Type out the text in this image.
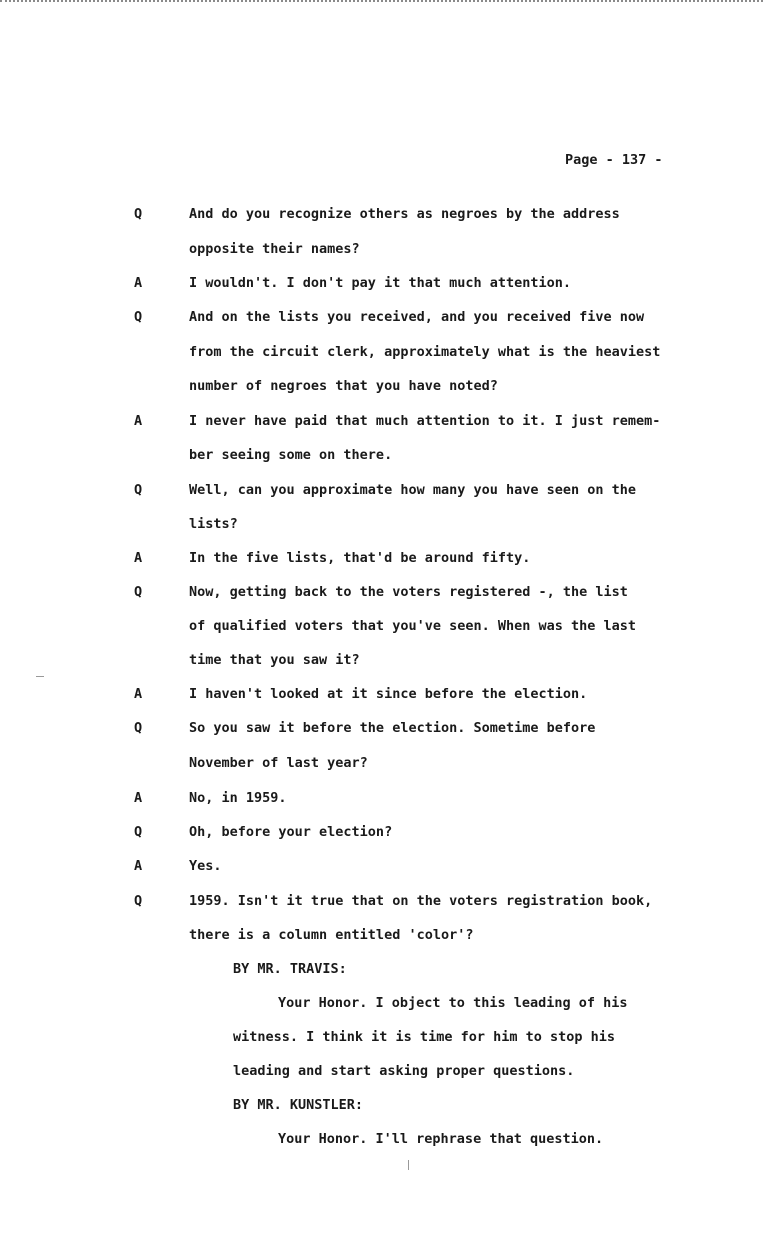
Page - 137 -
Q	And do you recognize others as negroes by the address
opposite their names?
A	I wouldn't. I don't pay it that much attention.
Q	And on the lists you received, and you received five now
from the circuit clerk, approximately what is the heaviest
number of negroes that you have noted?
A	I never have paid that much attention to it. I just remem-
ber seeing some on there.
Q	Well, can you approximate how many you have seen on the
lists?
A	In the five lists, that'd be around fifty.
Q	Now, getting back to the voters registered -, the list
of qualified voters that you've seen. When was the last
time that you saw it?
A	I haven't looked at it since before the election.
Q	So you saw it before the election. Sometime before
November of last year?
A	No, in 1959.
Q	Oh, before your election?
A	Yes.
Q	1959. Isn't it true that on the voters registration book,
there is a column entitled 'color'?
BY MR. TRAVIS:
Your Honor. I object to this leading of his
witness. I think it is time for him to stop his
leading and start asking proper questions.
BY MR. KUNSTLER:
Your Honor. I'll rephrase that question.
